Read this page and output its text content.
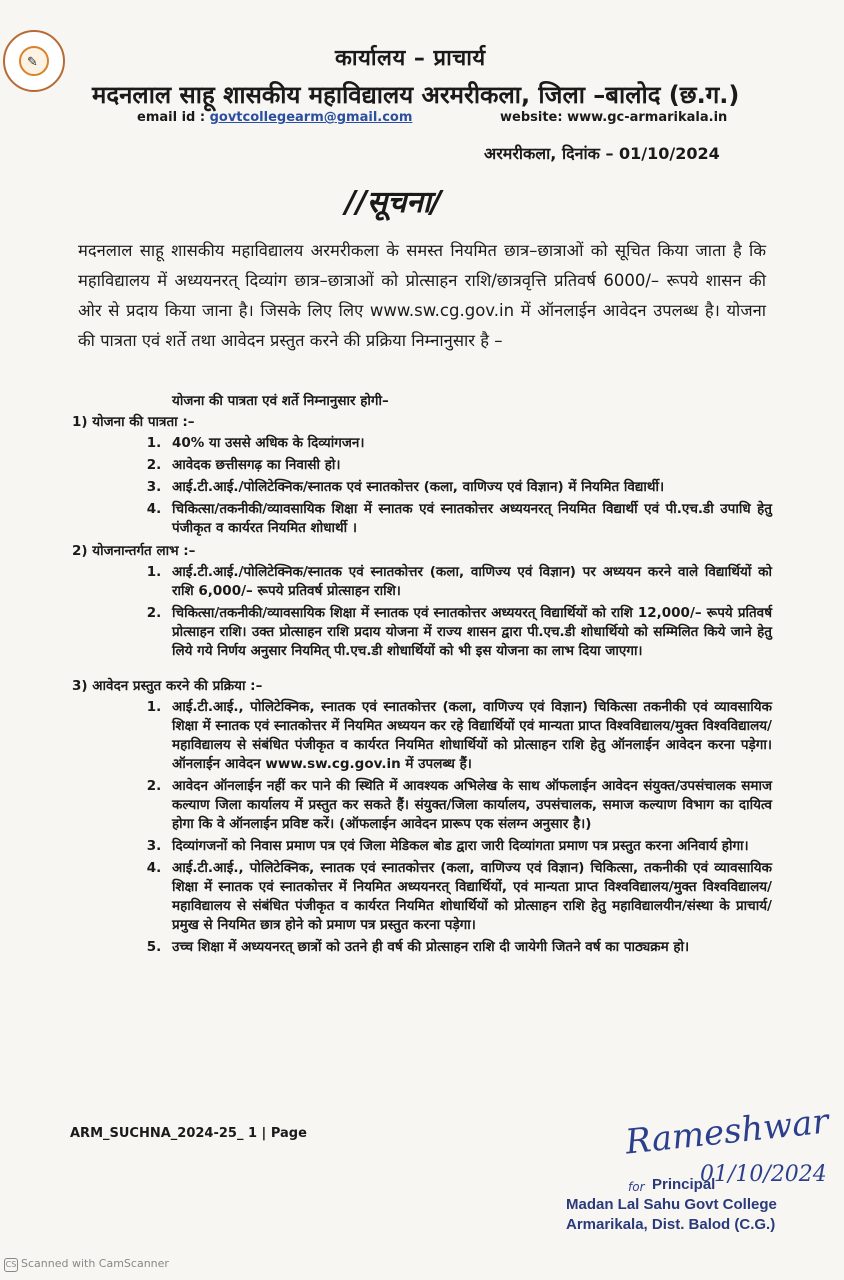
✎	कार्यालय – प्राचार्य
मदनलाल साहू शासकीय महाविद्यालय अरमरीकला, जिला –बालोद (छ.ग.)
email id : govtcollegearm@gmail.com	website: www.gc-armarikala.in
अरमरीकला, दिनांक – 01/10/2024
//सूचना/
मदनलाल साहू शासकीय महाविद्यालय अरमरीकला के समस्त नियमित छात्र–छात्राओं को सूचित किया जाता है कि महाविद्यालय में अध्ययनरत् दिव्यांग छात्र–छात्राओं को प्रोत्साहन राशि/छात्रवृत्ति प्रतिवर्ष 6000/– रूपये शासन की ओर से प्रदाय किया जाना है। जिसके लिए लिए www.sw.cg.gov.in में ऑनलाईन आवेदन उपलब्ध है। योजना की पात्रता एवं शर्ते तथा आवेदन प्रस्तुत करने की प्रक्रिया निम्नानुसार है –
योजना की पात्रता एवं शर्ते निम्नानुसार होगी–
1) योजना की पात्रता :–
1. 40% या उससे अधिक के दिव्यांगजन।
2. आवेदक छत्तीसगढ़ का निवासी हो।
3. आई.टी.आई./पोलिटेक्निक/स्नातक एवं स्नातकोत्तर (कला, वाणिज्य एवं विज्ञान) में नियमित विद्यार्थी।
4. चिकित्सा/तकनीकी/व्यावसायिक शिक्षा में स्नातक एवं स्नातकोत्तर अध्ययनरत् नियमित विद्यार्थी एवं पी.एच.डी उपाधि हेतु पंजीकृत व कार्यरत नियमित शोधार्थी ।
2) योजनान्तर्गत लाभ :–
1. आई.टी.आई./पोलिटेक्निक/स्नातक एवं स्नातकोत्तर (कला, वाणिज्य एवं विज्ञान) पर अध्ययन करने वाले विद्यार्थियों को राशि 6,000/– रूपये प्रतिवर्ष प्रोत्साहन राशि।
2. चिकित्सा/तकनीकी/व्यावसायिक शिक्षा में स्नातक एवं स्नातकोत्तर अध्ययरत् विद्यार्थियों को राशि 12,000/– रूपये प्रतिवर्ष प्रोत्साहन राशि। उक्त प्रोत्साहन राशि प्रदाय योजना में राज्य शासन द्वारा पी.एच.डी शोधार्थियो को सम्मिलित किये जाने हेतु लिये गये निर्णय अनुसार नियमित् पी.एच.डी शोधार्थियों को भी इस योजना का लाभ दिया जाएगा।
3) आवेदन प्रस्तुत करने की प्रक्रिया :–
1. आई.टी.आई., पोलिटेक्निक, स्नातक एवं स्नातकोत्तर (कला, वाणिज्य एवं विज्ञान) चिकित्सा तकनीकी एवं व्यावसायिक शिक्षा में स्नातक एवं स्नातकोत्तर में नियमित अध्ययन कर रहे विद्यार्थियों एवं मान्यता प्राप्त विश्वविद्यालय/मुक्त विश्वविद्यालय/महाविद्यालय से संबंधित पंजीकृत व कार्यरत नियमित शोधार्थियों को प्रोत्साहन राशि हेतु ऑनलाईन आवेदन करना पड़ेगा। ऑनलाईन आवेदन www.sw.cg.gov.in में उपलब्ध हैं।
2. आवेदन ऑनलाईन नहीं कर पाने की स्थिति में आवश्यक अभिलेख के साथ ऑफलाईन आवेदन संयुक्त/उपसंचालक समाज कल्याण जिला कार्यालय में प्रस्तुत कर सकते हैं। संयुक्त/जिला कार्यालय, उपसंचालक, समाज कल्याण विभाग का दायित्व होगा कि वे ऑनलाईन प्रविष्ट करें। (ऑफलाईन आवेदन प्रारूप एक संलग्न अनुसार है।)
3. दिव्यांगजनों को निवास प्रमाण पत्र एवं जिला मेडिकल बोड द्वारा जारी दिव्यांगता प्रमाण पत्र प्रस्तुत करना अनिवार्य होगा।
4. आई.टी.आई., पोलिटेक्निक, स्नातक एवं स्नातकोत्तर (कला, वाणिज्य एवं विज्ञान) चिकित्सा, तकनीकी एवं व्यावसायिक शिक्षा में स्नातक एवं स्नातकोत्तर में नियमित अध्ययनरत् विद्यार्थियों, एवं मान्यता प्राप्त विश्वविद्यालय/मुक्त विश्वविद्यालय/महाविद्यालय से संबंधित पंजीकृत व कार्यरत नियमित शोधार्थियों को प्रोत्साहन राशि हेतु महाविद्यालयीन/संस्था के प्राचार्य/प्रमुख से नियमित छात्र होने को प्रमाण पत्र प्रस्तुत करना पड़ेगा।
5. उच्च शिक्षा में अध्ययनरत् छात्रों को उतने ही वर्ष की प्रोत्साहन राशि दी जायेगी जितने वर्ष का पाठ्यक्रम हो।
ARM_SUCHNA_2024-25_ 1 | Page	Rameshwar
01/10/2024
for Principal
Madan Lal Sahu Govt College
Armarikala, Dist. Balod (C.G.)
CS Scanned with CamScanner
